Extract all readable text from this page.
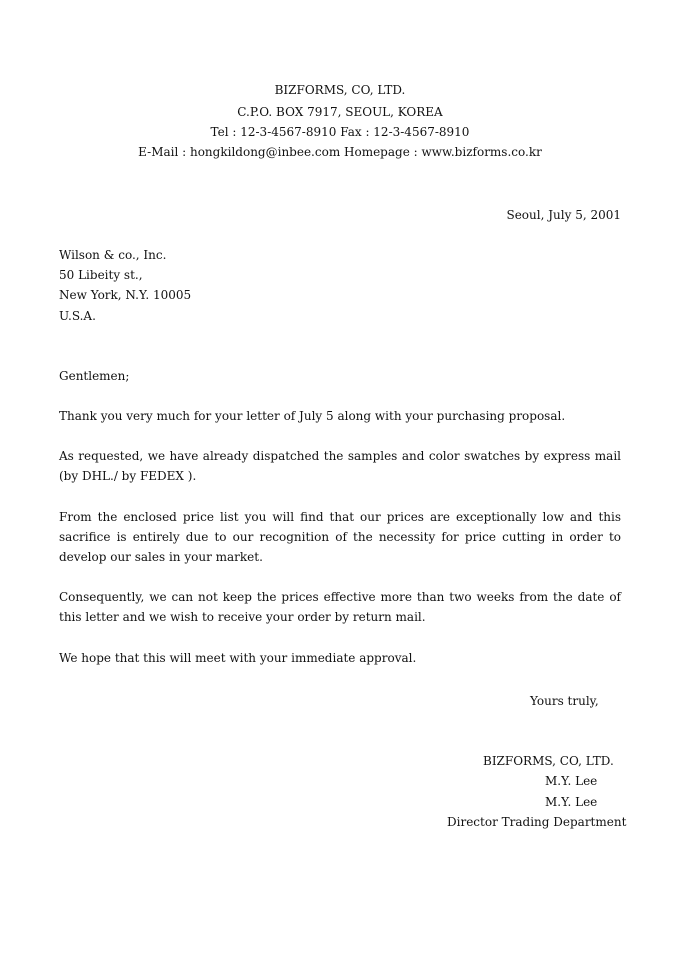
BIZFORMS, CO, LTD.
C.P.O. BOX 7917, SEOUL, KOREA
Tel : 12-3-4567-8910 Fax : 12-3-4567-8910
E-Mail : hongkildong@inbee.com Homepage : www.bizforms.co.kr
Seoul, July 5, 2001
Wilson & co., Inc.
50 Libeity st.,
New York, N.Y. 10005
U.S.A.
Gentlemen;
Thank you very much for your letter of July 5 along with your purchasing proposal.
As requested, we have already dispatched the samples and color swatches by express mail
(by DHL./ by FEDEX ).
From the enclosed price list you will find that our prices are exceptionally low and this
sacrifice is entirely due to our recognition of the necessity for price cutting in order to
develop our sales in your market.
Consequently, we can not keep the prices effective more than two weeks from the date of
this letter and we wish to receive your order by return mail.
We hope that this will meet with your immediate approval.
Yours truly,
BIZFORMS, CO, LTD.
M.Y. Lee
M.Y. Lee
Director Trading Department
